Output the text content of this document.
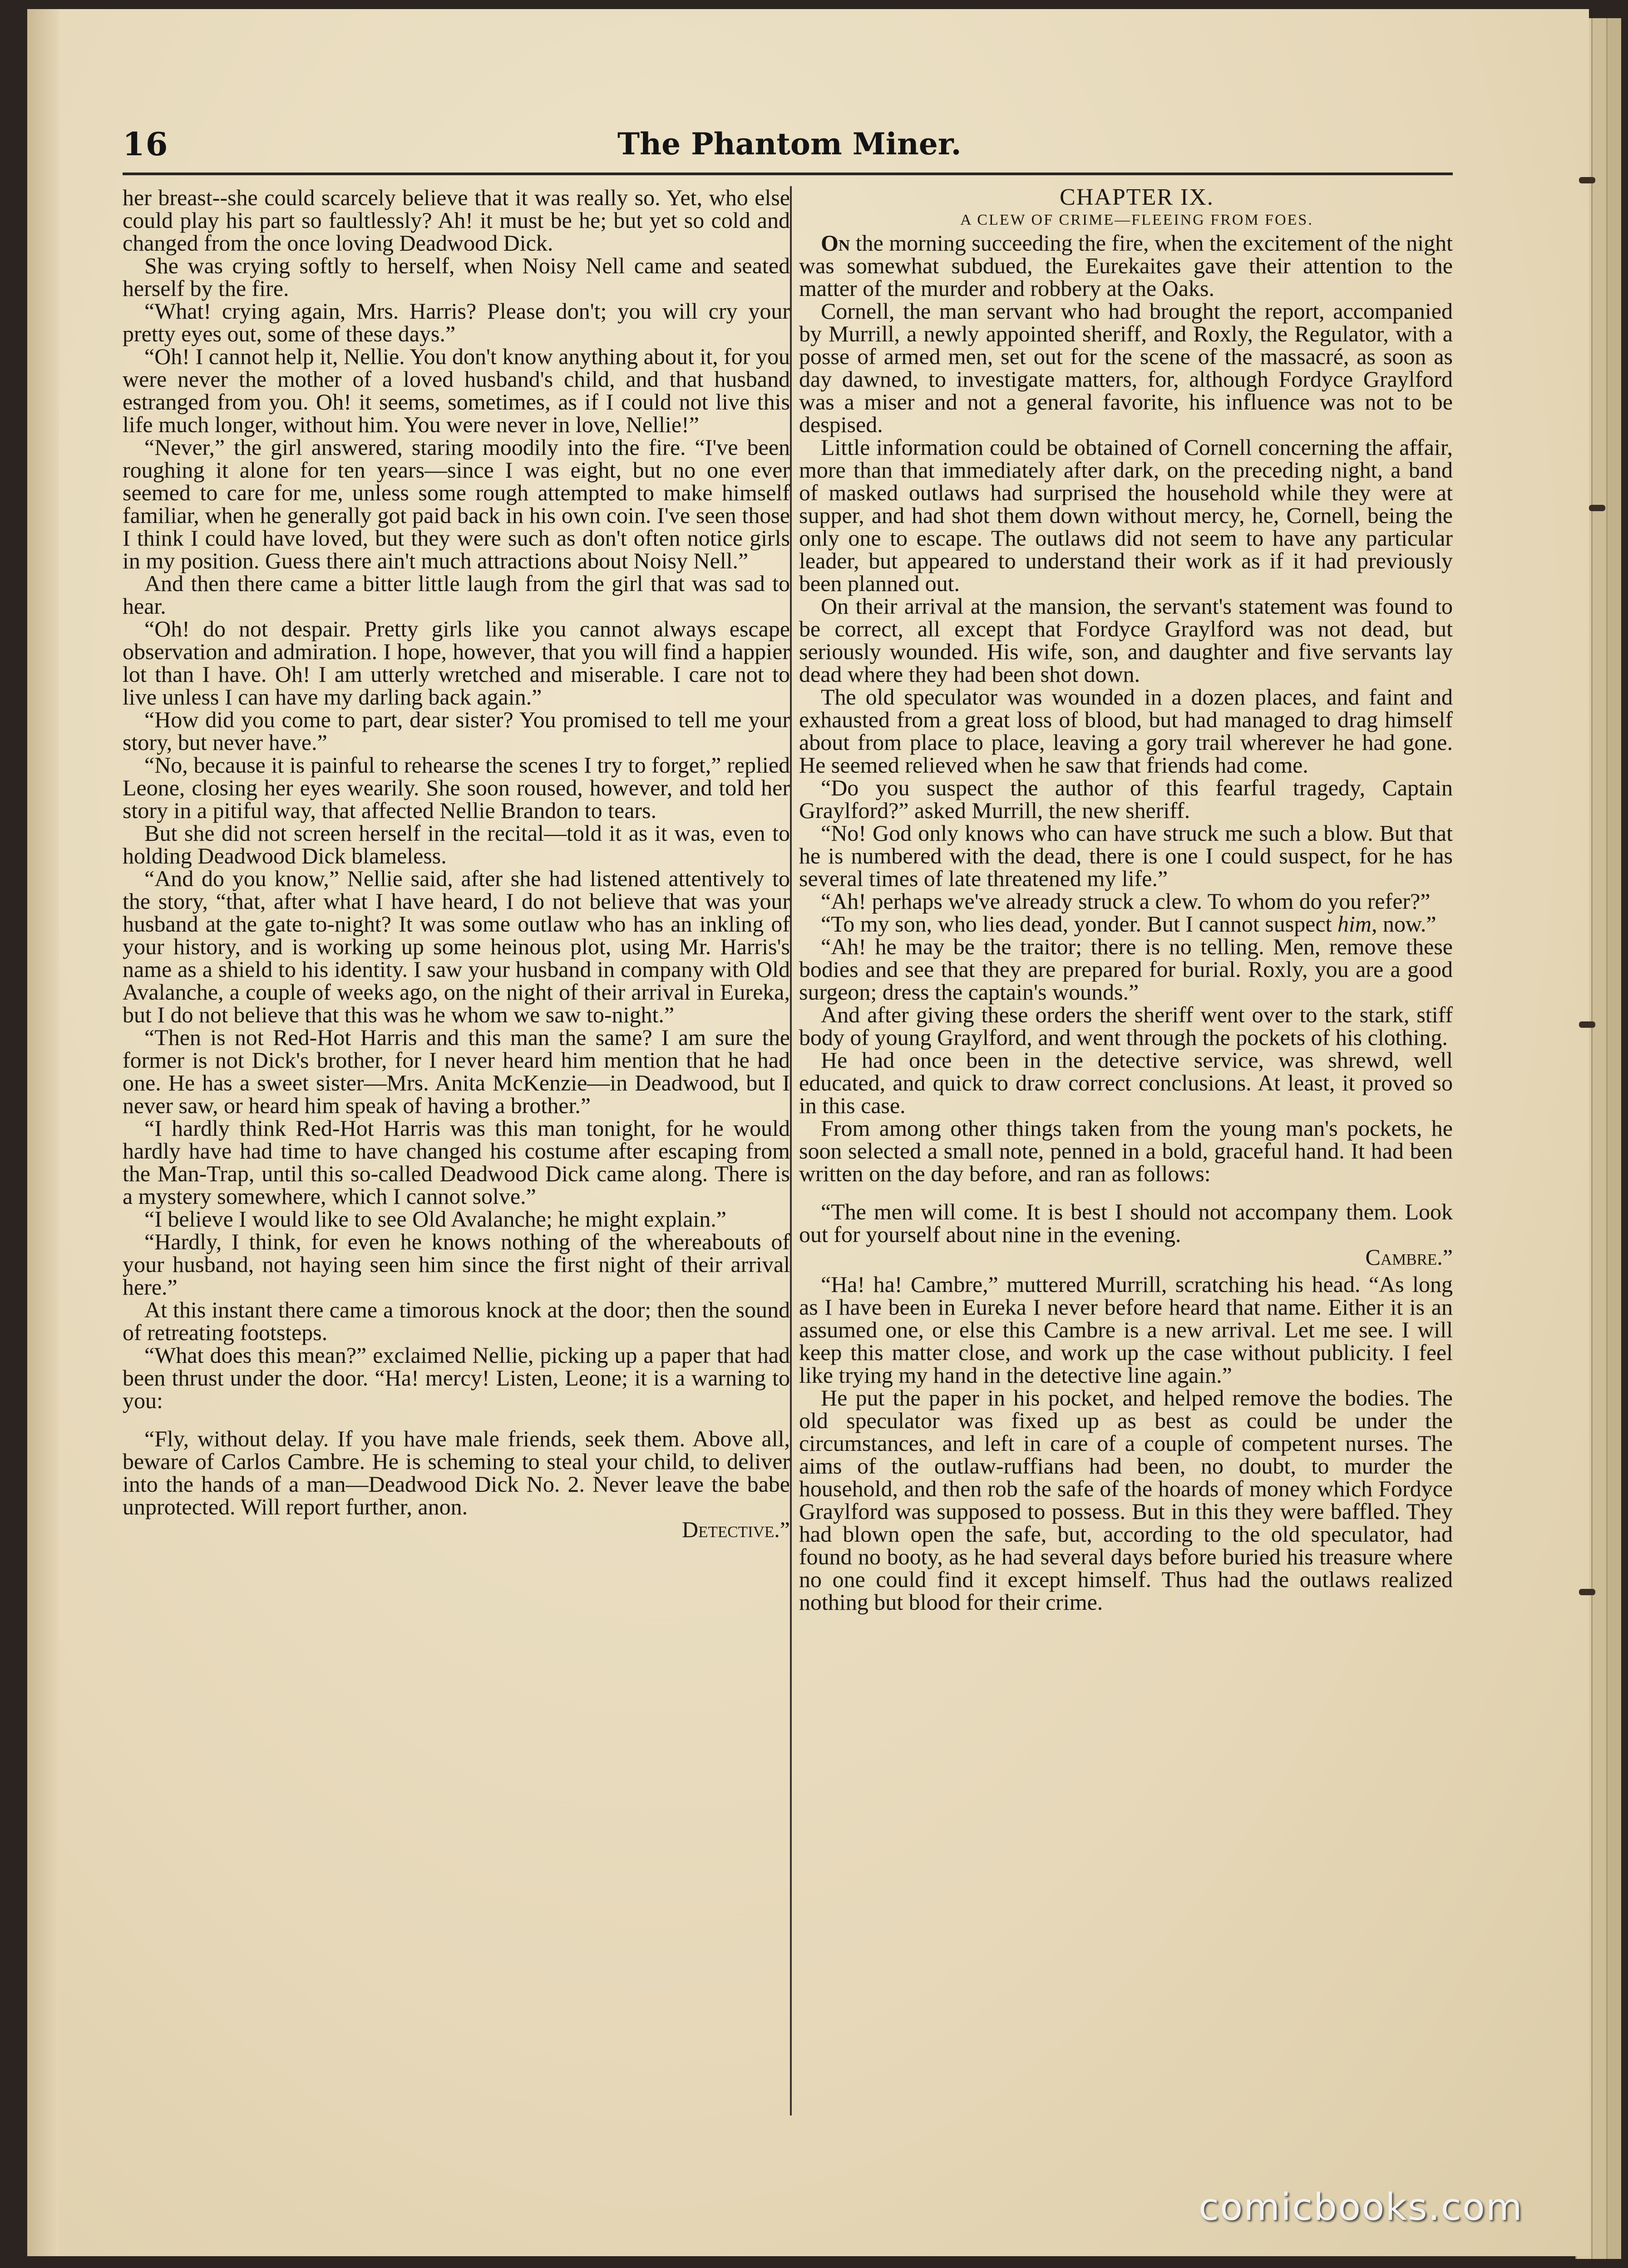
16	The Phantom Miner.

her breast--she could scarcely believe that it was really so. Yet, who else could play his part so faultlessly? Ah! it must be he; but yet so cold and changed from the once loving Deadwood Dick.

She was crying softly to herself, when Noisy Nell came and seated herself by the fire.

“What! crying again, Mrs. Harris? Please don't; you will cry your pretty eyes out, some of these days.”

“Oh! I cannot help it, Nellie. You don't know anything about it, for you were never the mother of a loved husband's child, and that husband estranged from you. Oh! it seems, sometimes, as if I could not live this life much longer, without him. You were never in love, Nellie!”

“Never,” the girl answered, staring moodily into the fire. “I've been roughing it alone for ten years—since I was eight, but no one ever seemed to care for me, unless some rough attempted to make himself familiar, when he generally got paid back in his own coin. I've seen those I think I could have loved, but they were such as don't often notice girls in my position. Guess there ain't much attractions about Noisy Nell.”

And then there came a bitter little laugh from the girl that was sad to hear.

“Oh! do not despair. Pretty girls like you cannot always escape observation and admiration. I hope, however, that you will find a happier lot than I have. Oh! I am utterly wretched and miserable. I care not to live unless I can have my darling back again.”

“How did you come to part, dear sister? You promised to tell me your story, but never have.”

“No, because it is painful to rehearse the scenes I try to forget,” replied Leone, closing her eyes wearily. She soon roused, however, and told her story in a pitiful way, that affected Nellie Brandon to tears.

But she did not screen herself in the recital—told it as it was, even to holding Deadwood Dick blameless.

“And do you know,” Nellie said, after she had listened attentively to the story, “that, after what I have heard, I do not believe that was your husband at the gate to-night? It was some outlaw who has an inkling of your history, and is working up some heinous plot, using Mr. Harris's name as a shield to his identity. I saw your husband in company with Old Avalanche, a couple of weeks ago, on the night of their arrival in Eureka, but I do not believe that this was he whom we saw to-night.”

“Then is not Red-Hot Harris and this man the same? I am sure the former is not Dick's brother, for I never heard him mention that he had one. He has a sweet sister—Mrs. Anita McKenzie—in Deadwood, but I never saw, or heard him speak of having a brother.”

“I hardly think Red-Hot Harris was this man tonight, for he would hardly have had time to have changed his costume after escaping from the Man-Trap, until this so-called Deadwood Dick came along. There is a mystery somewhere, which I cannot solve.”

“I believe I would like to see Old Avalanche; he might explain.”

“Hardly, I think, for even he knows nothing of the whereabouts of your husband, not haying seen him since the first night of their arrival here.”

At this instant there came a timorous knock at the door; then the sound of retreating footsteps.

“What does this mean?” exclaimed Nellie, picking up a paper that had been thrust under the door. “Ha! mercy! Listen, Leone; it is a warning to you:

“Fly, without delay. If you have male friends, seek them. Above all, beware of Carlos Cambre. He is scheming to steal your child, to deliver into the hands of a man—Deadwood Dick No. 2. Never leave the babe unprotected. Will report further, anon.

Detective.”

CHAPTER IX.

A CLEW OF CRIME—FLEEING FROM FOES.

On the morning succeeding the fire, when the excitement of the night was somewhat subdued, the Eurekaites gave their attention to the matter of the murder and robbery at the Oaks.

Cornell, the man servant who had brought the report, accompanied by Murrill, a newly appointed sheriff, and Roxly, the Regulator, with a posse of armed men, set out for the scene of the massacré, as soon as day dawned, to investigate matters, for, although Fordyce Graylford was a miser and not a general favorite, his influence was not to be despised.

Little information could be obtained of Cornell concerning the affair, more than that immediately after dark, on the preceding night, a band of masked outlaws had surprised the household while they were at supper, and had shot them down without mercy, he, Cornell, being the only one to escape. The outlaws did not seem to have any particular leader, but appeared to understand their work as if it had previously been planned out.

On their arrival at the mansion, the servant's statement was found to be correct, all except that Fordyce Graylford was not dead, but seriously wounded. His wife, son, and daughter and five servants lay dead where they had been shot down.

The old speculator was wounded in a dozen places, and faint and exhausted from a great loss of blood, but had managed to drag himself about from place to place, leaving a gory trail wherever he had gone. He seemed relieved when he saw that friends had come.

“Do you suspect the author of this fearful tragedy, Captain Graylford?” asked Murrill, the new sheriff.

“No! God only knows who can have struck me such a blow. But that he is numbered with the dead, there is one I could suspect, for he has several times of late threatened my life.”

“Ah! perhaps we've already struck a clew. To whom do you refer?”

“To my son, who lies dead, yonder. But I cannot suspect him, now.”

“Ah! he may be the traitor; there is no telling. Men, remove these bodies and see that they are prepared for burial. Roxly, you are a good surgeon; dress the captain's wounds.”

And after giving these orders the sheriff went over to the stark, stiff body of young Graylford, and went through the pockets of his clothing.

He had once been in the detective service, was shrewd, well educated, and quick to draw correct conclusions. At least, it proved so in this case.

From among other things taken from the young man's pockets, he soon selected a small note, penned in a bold, graceful hand. It had been written on the day before, and ran as follows:

“The men will come. It is best I should not accompany them. Look out for yourself about nine in the evening.

Cambre.”

“Ha! ha! Cambre,” muttered Murrill, scratching his head. “As long as I have been in Eureka I never before heard that name. Either it is an assumed one, or else this Cambre is a new arrival. Let me see. I will keep this matter close, and work up the case without publicity. I feel like trying my hand in the detective line again.”

He put the paper in his pocket, and helped remove the bodies. The old speculator was fixed up as best as could be under the circumstances, and left in care of a couple of competent nurses. The aims of the outlaw-ruffians had been, no doubt, to murder the household, and then rob the safe of the hoards of money which Fordyce Graylford was supposed to possess. But in this they were baffled. They had blown open the safe, but, according to the old speculator, had found no booty, as he had several days before buried his treasure where no one could find it except himself. Thus had the outlaws realized nothing but blood for their crime.

comicbooks.com
